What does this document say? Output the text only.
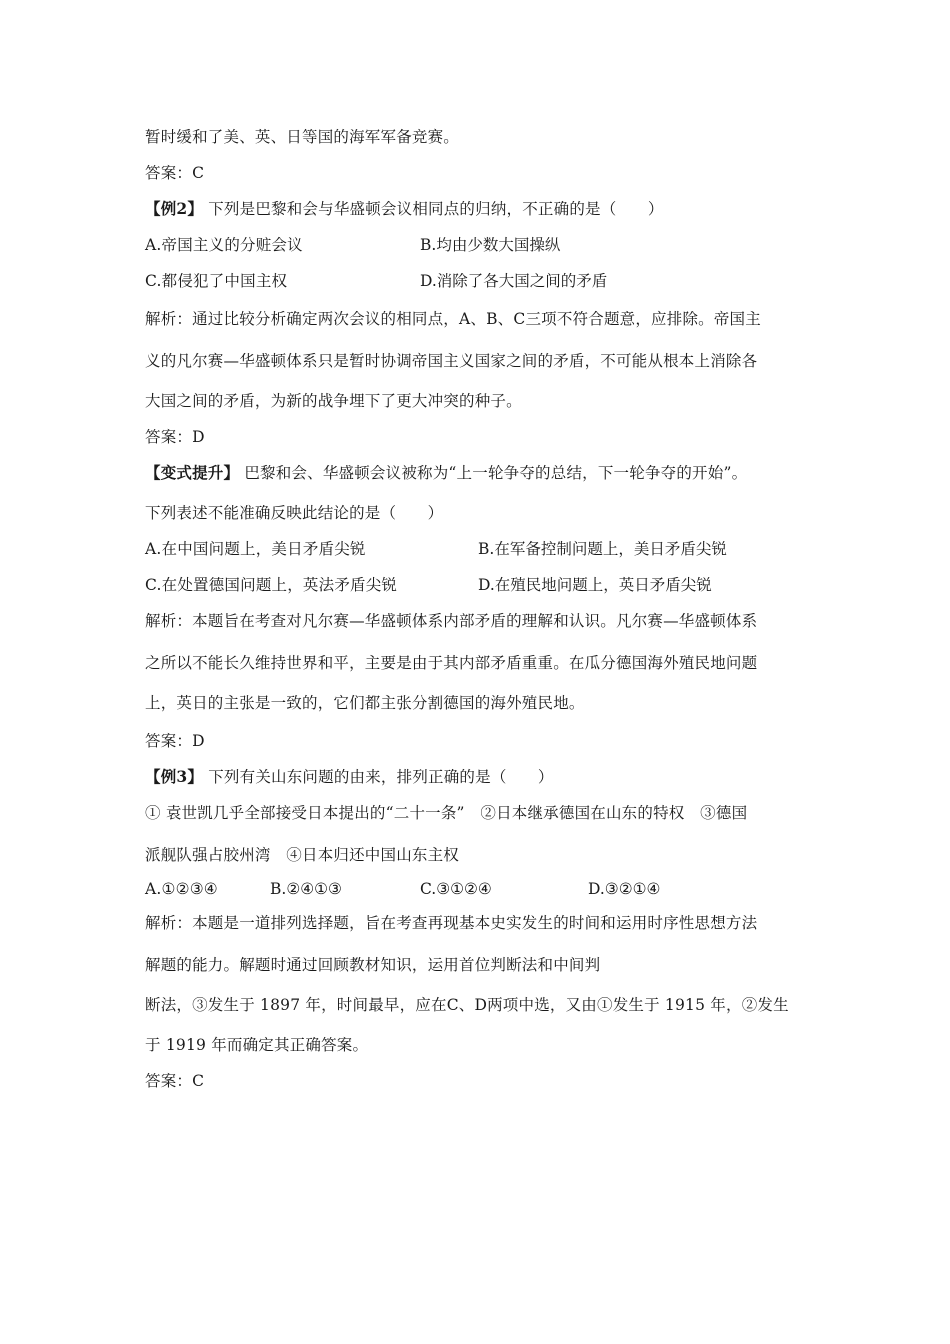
暂时缓和了美、英、日等国的海军军备竞赛。
答案：C
【例2】 下列是巴黎和会与华盛顿会议相同点的归纳，不正确的是（　　）
A.帝国主义的分赃会议	B.均由少数大国操纵
C.都侵犯了中国主权	D.消除了各大国之间的矛盾
解析：通过比较分析确定两次会议的相同点，A、B、C三项不符合题意，应排除。帝国主
义的凡尔赛—华盛顿体系只是暂时协调帝国主义国家之间的矛盾，不可能从根本上消除各
大国之间的矛盾，为新的战争埋下了更大冲突的种子。
答案：D
【变式提升】 巴黎和会、华盛顿会议被称为“上一轮争夺的总结，下一轮争夺的开始”。
下列表述不能准确反映此结论的是（　　）
A.在中国问题上，美日矛盾尖锐	B.在军备控制问题上，美日矛盾尖锐
C.在处置德国问题上，英法矛盾尖锐	D.在殖民地问题上，英日矛盾尖锐
解析：本题旨在考查对凡尔赛—华盛顿体系内部矛盾的理解和认识。凡尔赛—华盛顿体系
之所以不能长久维持世界和平，主要是由于其内部矛盾重重。在瓜分德国海外殖民地问题
上，英日的主张是一致的，它们都主张分割德国的海外殖民地。
答案：D
【例3】 下列有关山东问题的由来，排列正确的是（　　）
① 袁世凯几乎全部接受日本提出的“二十一条”　②日本继承德国在山东的特权　③德国
派舰队强占胶州湾　④日本归还中国山东主权
A.①②③④	B.②④①③	C.③①②④	D.③②①④
解析：本题是一道排列选择题，旨在考查再现基本史实发生的时间和运用时序性思想方法
解题的能力。解题时通过回顾教材知识，运用首位判断法和中间判
断法，③发生于 1897 年，时间最早，应在C、D两项中选，又由①发生于 1915 年，②发生
于 1919 年而确定其正确答案。
答案：C
